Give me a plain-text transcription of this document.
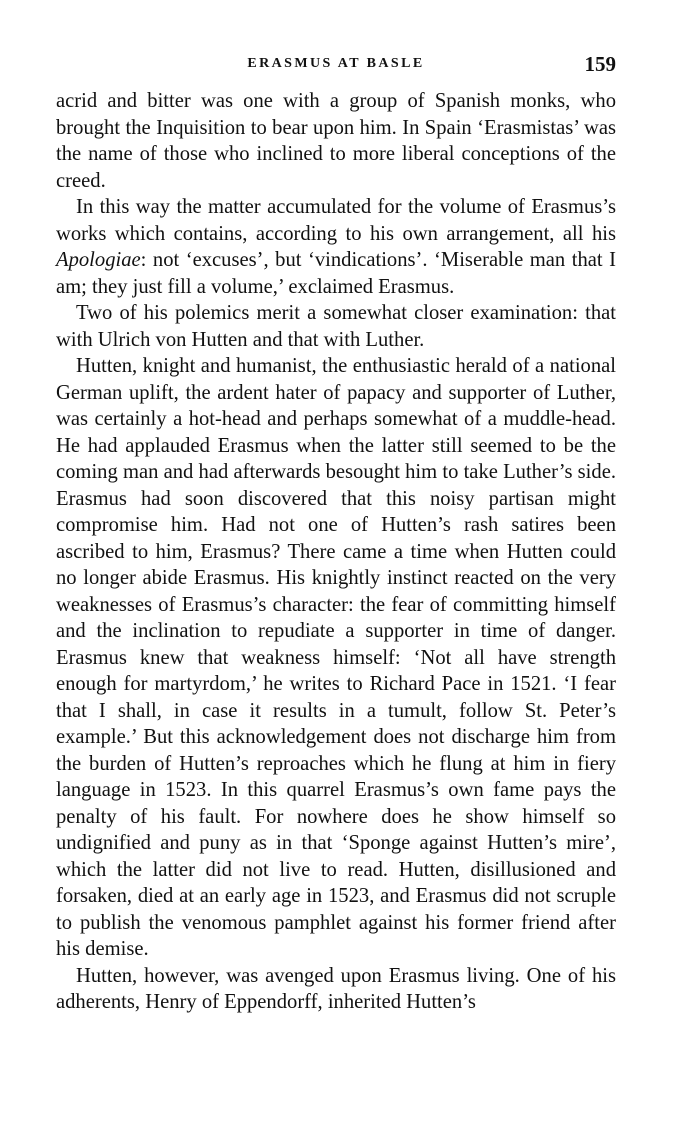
ERASMUS AT BASLE	159

acrid and bitter was one with a group of Spanish monks, who brought the Inquisition to bear upon him. In Spain ‘Erasmistas’ was the name of those who inclined to more liberal conceptions of the creed.

In this way the matter accumulated for the volume of Erasmus’s works which contains, according to his own arrangement, all his Apologiae: not ‘excuses’, but ‘vindications’. ‘Miserable man that I am; they just fill a volume,’ exclaimed Erasmus.

Two of his polemics merit a somewhat closer examination: that with Ulrich von Hutten and that with Luther.

Hutten, knight and humanist, the enthusiastic herald of a national German uplift, the ardent hater of papacy and supporter of Luther, was certainly a hot-head and perhaps somewhat of a muddle-head. He had applauded Erasmus when the latter still seemed to be the coming man and had afterwards besought him to take Luther’s side. Erasmus had soon discovered that this noisy partisan might compromise him. Had not one of Hutten’s rash satires been ascribed to him, Erasmus? There came a time when Hutten could no longer abide Erasmus. His knightly instinct reacted on the very weaknesses of Erasmus’s character: the fear of committing himself and the inclination to repudiate a supporter in time of danger. Erasmus knew that weakness himself: ‘Not all have strength enough for martyrdom,’ he writes to Richard Pace in 1521. ‘I fear that I shall, in case it results in a tumult, follow St. Peter’s example.’ But this acknowledgement does not discharge him from the burden of Hutten’s reproaches which he flung at him in fiery language in 1523. In this quarrel Erasmus’s own fame pays the penalty of his fault. For nowhere does he show himself so undignified and puny as in that ‘Sponge against Hutten’s mire’, which the latter did not live to read. Hutten, disillusioned and forsaken, died at an early age in 1523, and Erasmus did not scruple to publish the venomous pamphlet against his former friend after his demise.

Hutten, however, was avenged upon Erasmus living. One of his adherents, Henry of Eppendorff, inherited Hutten’s
